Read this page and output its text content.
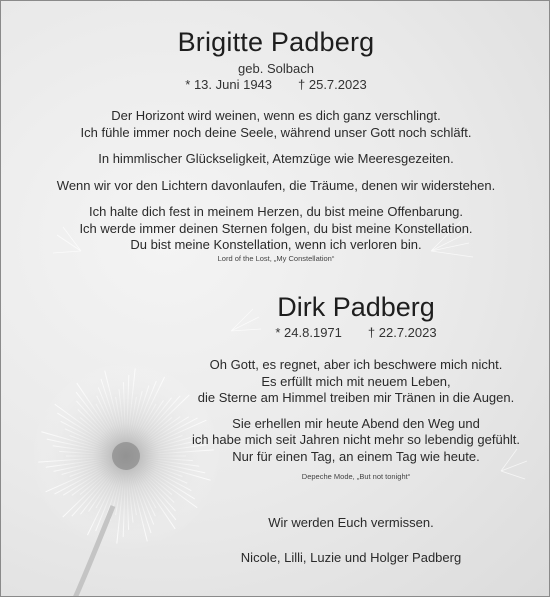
Brigitte Padberg
geb. Solbach
* 13. Juni 1943 † 25.7.2023

Der Horizont wird weinen, wenn es dich ganz verschlingt.
Ich fühle immer noch deine Seele, während unser Gott noch schläft.

In himmlischer Glückseligkeit, Atemzüge wie Meeresgezeiten.

Wenn wir vor den Lichtern davonlaufen, die Träume, denen wir widerstehen.

Ich halte dich fest in meinem Herzen, du bist meine Offenbarung.
Ich werde immer deinen Sternen folgen, du bist meine Konstellation.
Du bist meine Konstellation, wenn ich verloren bin.

Lord of the Lost, „My Constellation“
Dirk Padberg
* 24.8.1971 † 22.7.2023

Oh Gott, es regnet, aber ich beschwere mich nicht.
Es erfüllt mich mit neuem Leben,
die Sterne am Himmel treiben mir Tränen in die Augen.

Sie erhellen mir heute Abend den Weg und
ich habe mich seit Jahren nicht mehr so lebendig gefühlt.
Nur für einen Tag, an einem Tag wie heute.

Depeche Mode, „But not tonight“
Wir werden Euch vermissen.
Nicole, Lilli, Luzie und Holger Padberg
